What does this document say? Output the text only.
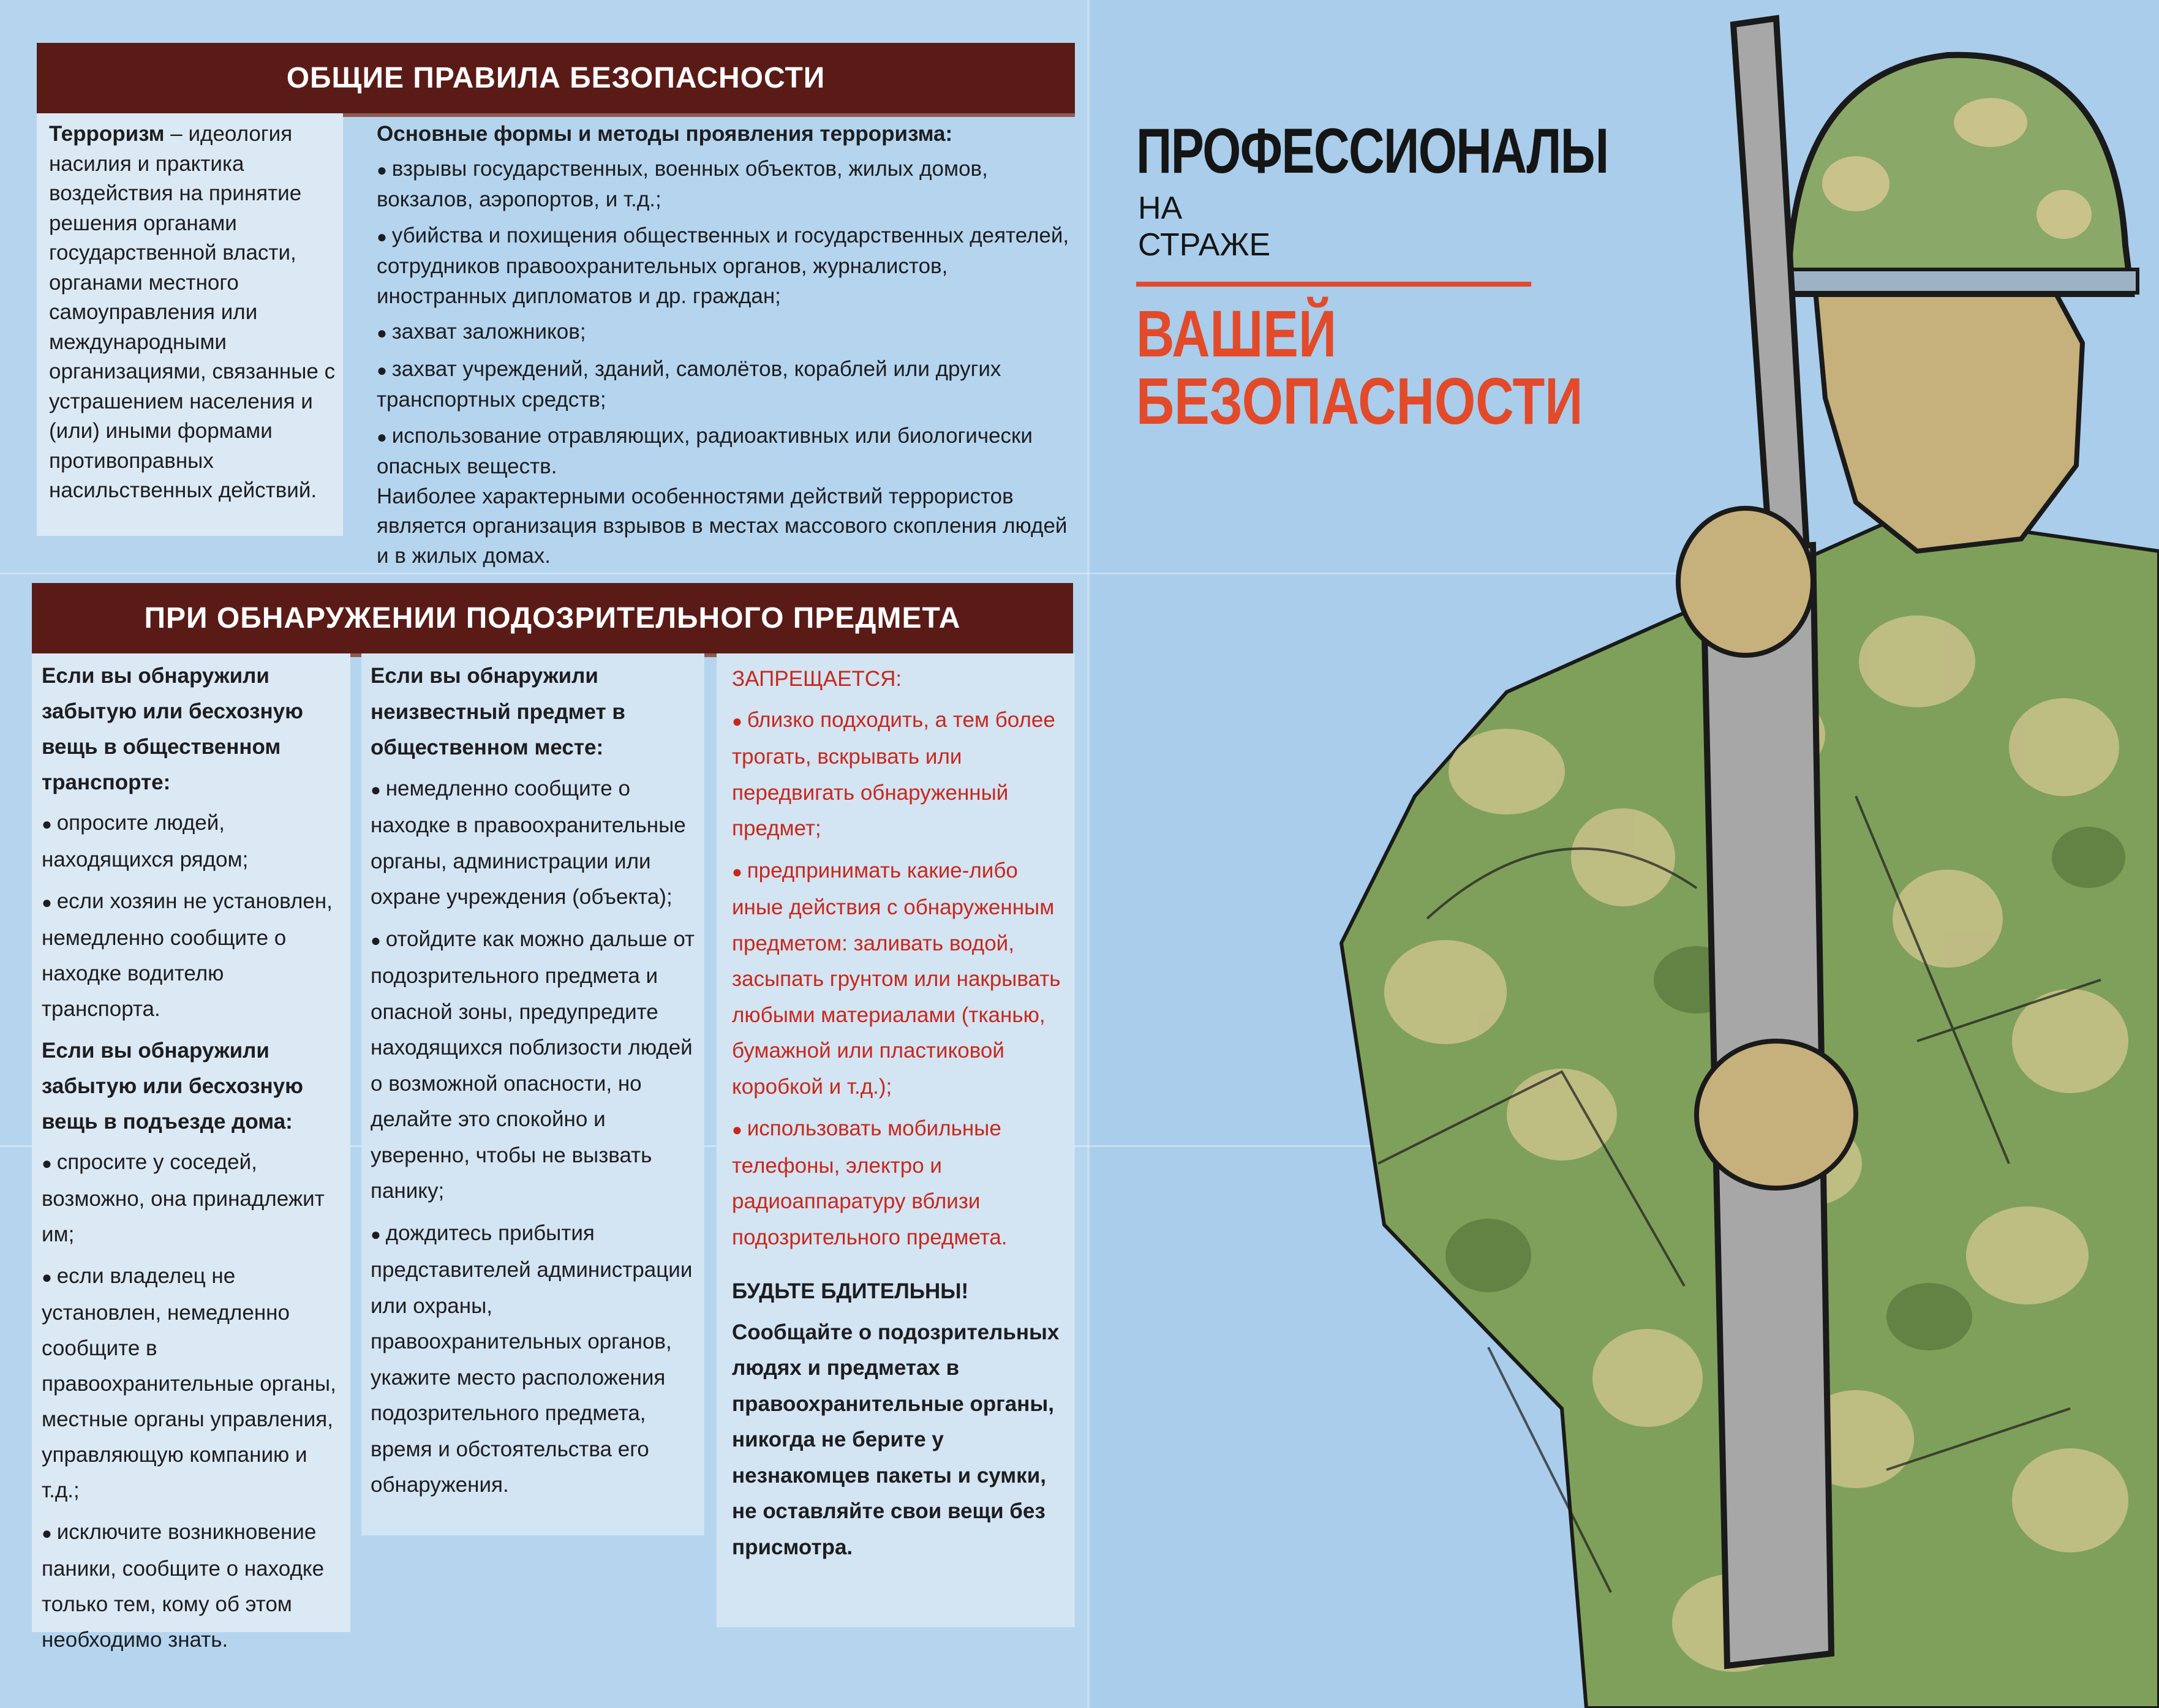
ОБЩИЕ ПРАВИЛА БЕЗОПАСНОСТИ
Терроризм – идеология насилия и практика воздействия на принятие решения органами государственной власти, органами местного самоуправления или международными организациями, связанные с устрашением населения и (или) иными формами противоправных насильственных действий.

Основные формы и методы проявления терроризма:

● взрывы государственных, военных объектов, жилых домов, вокзалов, аэропортов, и т.д.;
● убийства и похищения общественных и государственных деятелей, сотрудников правоохранительных органов, журналистов, иностранных дипломатов и др. граждан;
● захват заложников;
● захват учреждений, зданий, самолётов, кораблей или других транспортных средств;
● использование отравляющих, радиоактивных или биологически опасных веществ.

Наиболее характерными особенностями действий террористов является организация взрывов в местах массового скопления людей и в жилых домах.

ПРИ ОБНАРУЖЕНИИ ПОДОЗРИТЕЛЬНОГО ПРЕДМЕТА

Если вы обнаружили забытую или бесхозную вещь в общественном транспорте:

● опросите людей, находящихся рядом;
● если хозяин не установлен, немедленно сообщите о находке водителю транспорта.

Если вы обнаружили забытую или бесхозную вещь в подъезде дома:

● спросите у соседей, возможно, она принадлежит им;
● если владелец не установлен, немедленно сообщите в правоохранительные органы, местные органы управления, управляющую компанию и т.д.;
● исключите возникновение паники, сообщите о находке только тем, кому об этом необходимо знать.

Если вы обнаружили неизвестный предмет в общественном месте:

● немедленно сообщите о находке в правоохранительные органы, администрации или охране учреждения (объекта);
● отойдите как можно дальше от подозрительного предмета и опасной зоны, предупредите находящихся поблизости людей о возможной опасности, но делайте это спокойно и уверенно, чтобы не вызвать панику;
● дождитесь прибытия представителей администрации или охраны, правоохранительных органов, укажите место расположения подозрительного предмета, время и обстоятельства его обнаружения.

ЗАПРЕЩАЕТСЯ:

● близко подходить, а тем более трогать, вскрывать или передвигать обнаруженный предмет;
● предпринимать какие-либо иные действия с обнаруженным предметом: заливать водой, засыпать грунтом или накрывать любыми материалами (тканью, бумажной или пластиковой коробкой и т.д.);
● использовать мобильные телефоны, электро и радиоаппаратуру вблизи подозрительного предмета.

БУДЬТЕ БДИТЕЛЬНЫ!

Сообщайте о подозрительных людях и предметах в правоохранительные органы, никогда не берите у незнакомцев пакеты и сумки, не оставляйте свои вещи без присмотра.

ПРОФЕССИОНАЛЫ
НА
СТРАЖЕ
ВАШЕЙ
БЕЗОПАСНОСТИ
